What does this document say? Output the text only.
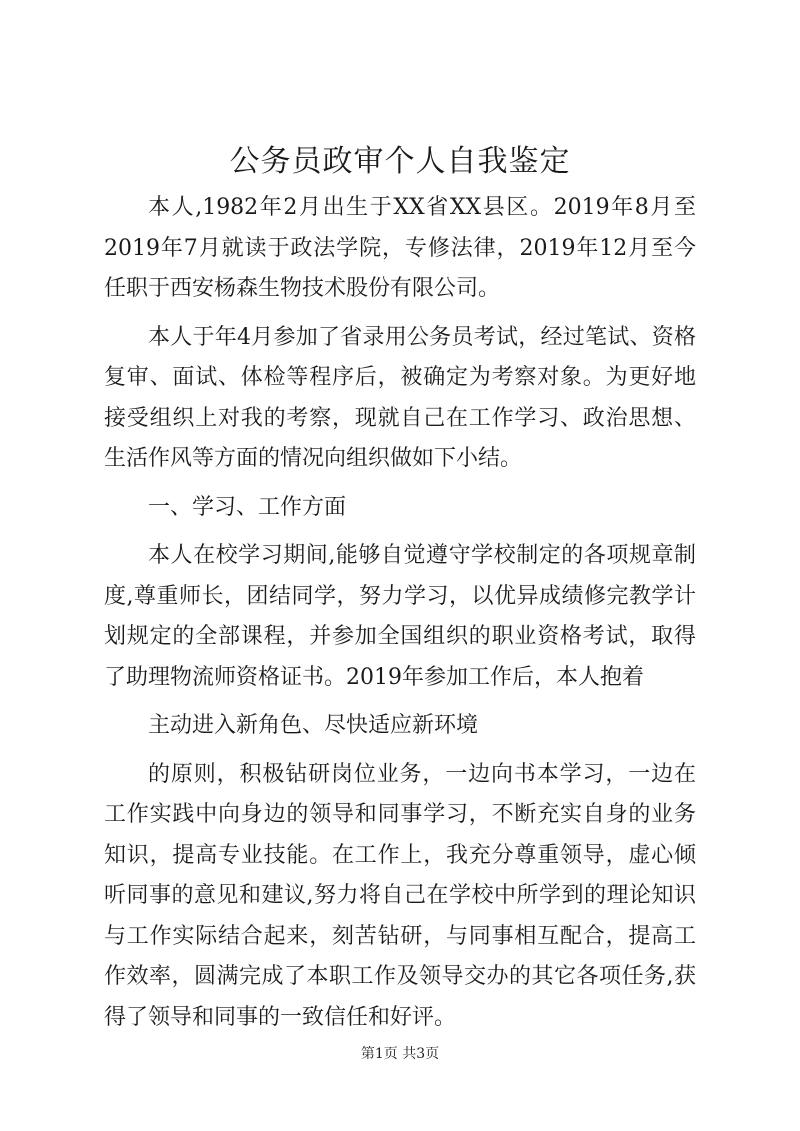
公务员政审个人自我鉴定

本人,1982年2月出生于XX省XX县区。2019年8月至2019年7月就读于政法学院，专修法律，2019年12月至今任职于西安杨森生物技术股份有限公司。

本人于年4月参加了省录用公务员考试，经过笔试、资格复审、面试、体检等程序后，被确定为考察对象。为更好地接受组织上对我的考察，现就自己在工作学习、政治思想、生活作风等方面的情况向组织做如下小结。

一、学习、工作方面

本人在校学习期间,能够自觉遵守学校制定的各项规章制度,尊重师长，团结同学，努力学习，以优异成绩修完教学计划规定的全部课程，并参加全国组织的职业资格考试，取得了助理物流师资格证书。2019年参加工作后，本人抱着

主动进入新角色、尽快适应新环境

的原则，积极钻研岗位业务，一边向书本学习，一边在工作实践中向身边的领导和同事学习，不断充实自身的业务知识，提高专业技能。在工作上，我充分尊重领导，虚心倾听同事的意见和建议,努力将自己在学校中所学到的理论知识与工作实际结合起来，刻苦钻研，与同事相互配合，提高工作效率，圆满完成了本职工作及领导交办的其它各项任务,获得了领导和同事的一致信任和好评。

第1页 共3页
